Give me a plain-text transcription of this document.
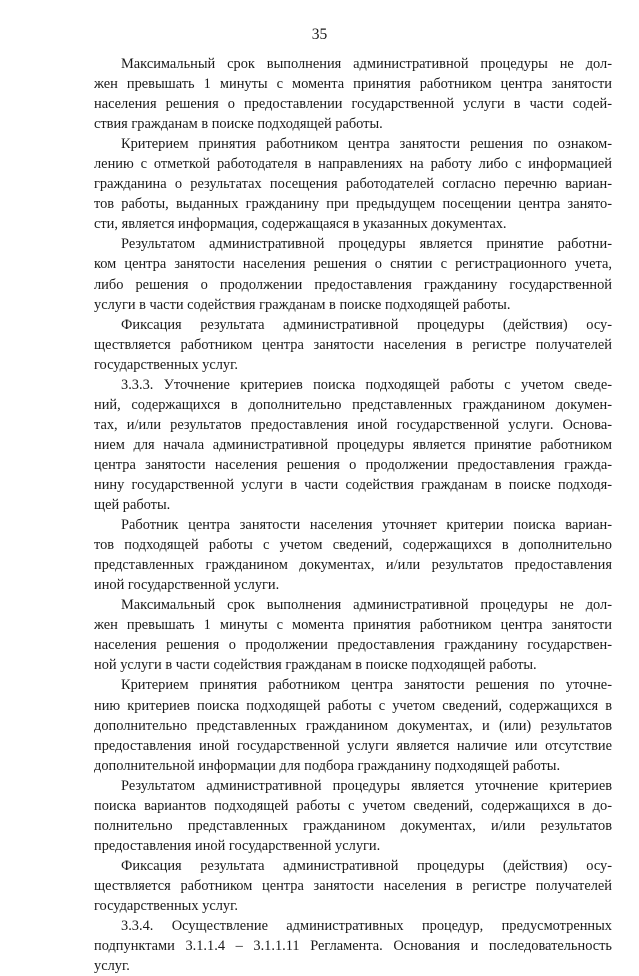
35
Максимальный срок выполнения административной процедуры не дол-
жен превышать 1 минуты с момента принятия работником центра занятости
населения решения о предоставлении государственной услуги в части содей-
ствия гражданам в поиске подходящей работы.
Критерием принятия работником центра занятости решения по ознаком-
лению с отметкой работодателя в направлениях на работу либо с информацией
гражданина о результатах посещения работодателей согласно перечню вариан-
тов работы, выданных гражданину при предыдущем посещении центра занято-
сти, является информация, содержащаяся в указанных документах.
Результатом административной процедуры является принятие работни-
ком центра занятости населения решения о снятии с регистрационного учета,
либо решения о продолжении предоставления гражданину государственной
услуги в части содействия гражданам в поиске подходящей работы.
Фиксация результата административной процедуры (действия) осу-
ществляется работником центра занятости населения в регистре получателей
государственных услуг.
3.3.3. Уточнение критериев поиска подходящей работы с учетом сведе-
ний, содержащихся в дополнительно представленных гражданином докумен-
тах, и/или результатов предоставления иной государственной услуги. Основа-
нием для начала административной процедуры является принятие работником
центра занятости населения решения о продолжении предоставления гражда-
нину государственной услуги в части содействия гражданам в поиске подходя-
щей работы.
Работник центра занятости населения уточняет критерии поиска вариан-
тов подходящей работы с учетом сведений, содержащихся в дополнительно
представленных гражданином документах, и/или результатов предоставления
иной государственной услуги.
Максимальный срок выполнения административной процедуры не дол-
жен превышать 1 минуты с момента принятия работником центра занятости
населения решения о продолжении предоставления гражданину государствен-
ной услуги в части содействия гражданам в поиске подходящей работы.
Критерием принятия работником центра занятости решения по уточне-
нию критериев поиска подходящей работы с учетом сведений, содержащихся в
дополнительно представленных гражданином документах, и (или) результатов
предоставления иной государственной услуги является наличие или отсутствие
дополнительной информации для подбора гражданину подходящей работы.
Результатом административной процедуры является уточнение критериев
поиска вариантов подходящей работы с учетом сведений, содержащихся в до-
полнительно представленных гражданином документах, и/или результатов
предоставления иной государственной услуги.
Фиксация результата административной процедуры (действия) осу-
ществляется работником центра занятости населения в регистре получателей
государственных услуг.
3.3.4. Осуществление административных процедур, предусмотренных
подпунктами 3.1.1.4 – 3.1.1.11 Регламента. Основания и последовательность
услуг.
